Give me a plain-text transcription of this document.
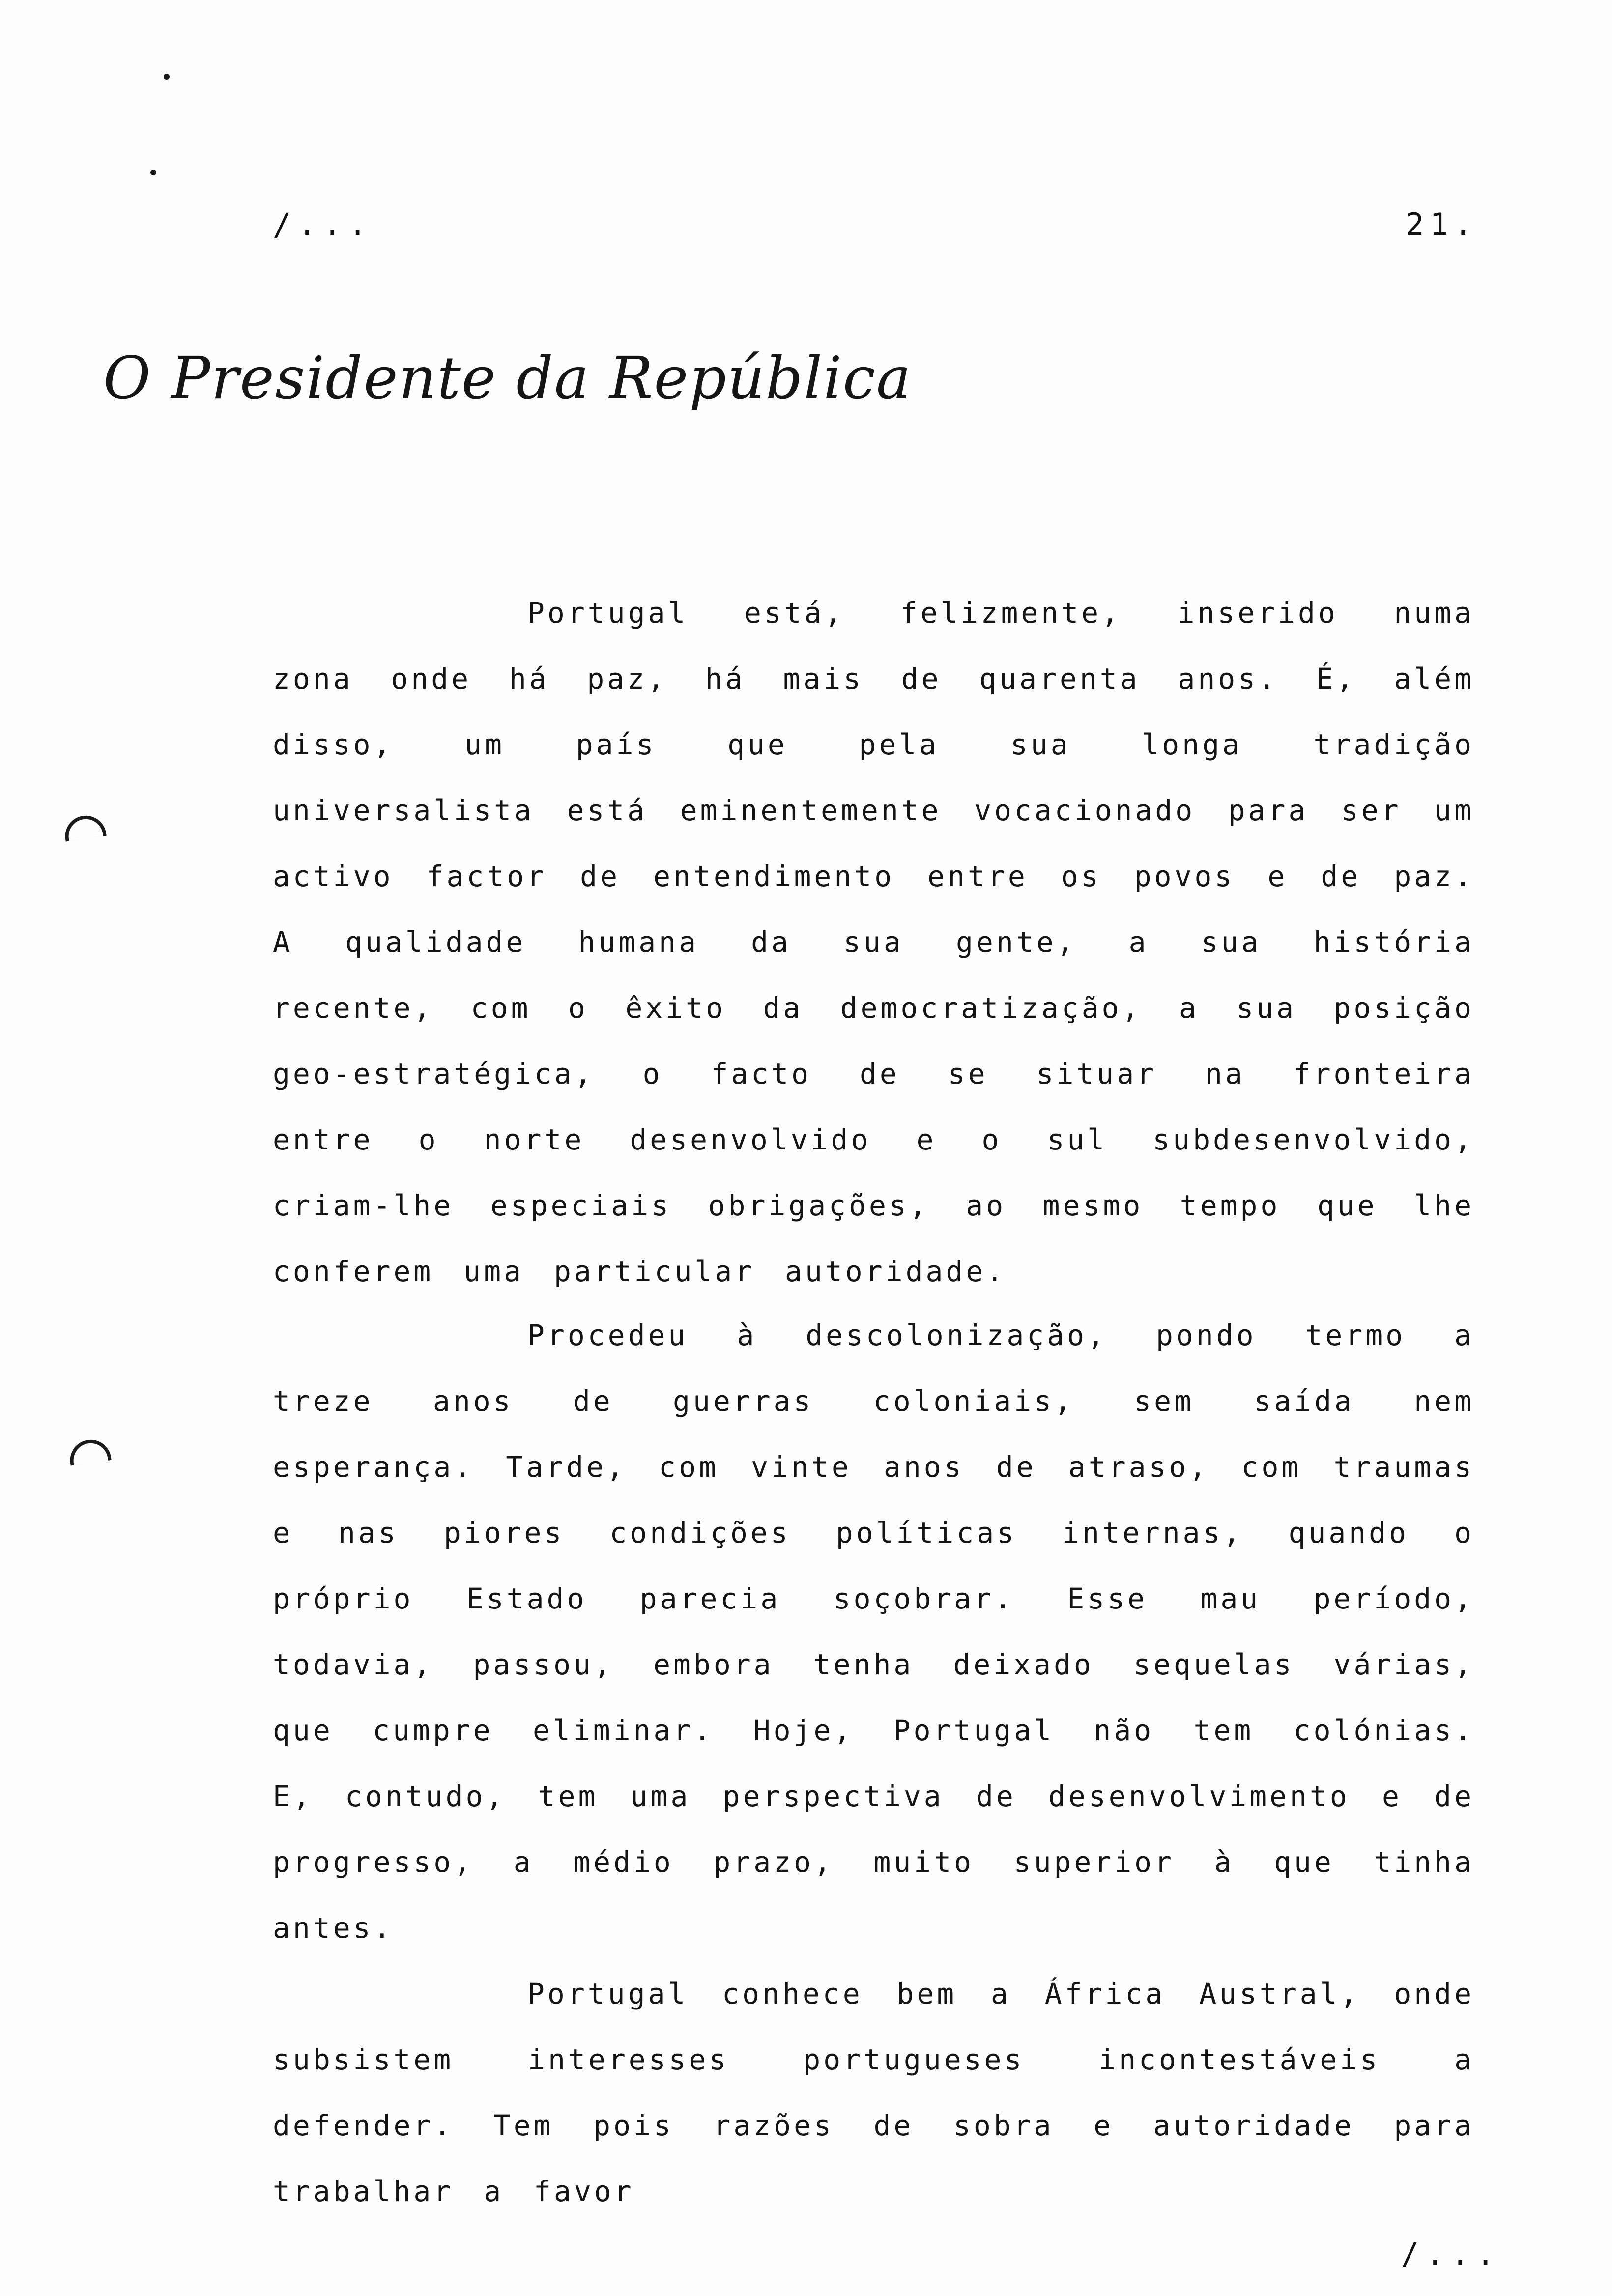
/...	21.
O Presidente da República

Portugal está, felizmente, inserido numa zona onde há paz, há mais de quarenta anos. É, além disso, um país que pela sua longa tradição universalista está eminentemente vocacionado para ser um activo factor de entendimento entre os povos e de paz. A qualidade humana da sua gente, a sua história recente, com o êxito da democratização, a sua posição geo-estratégica, o facto de se situar na fronteira entre o norte desenvolvido e o sul subdesenvolvido, criam-lhe especiais obrigações, ao mesmo tempo que lhe conferem uma particular autoridade.

Procedeu à descolonização, pondo termo a treze anos de guerras coloniais, sem saída nem esperança. Tarde, com vinte anos de atraso, com traumas e nas piores condições políticas internas, quando o próprio Estado parecia soçobrar. Esse mau período, todavia, passou, embora tenha deixado sequelas várias, que cumpre eliminar. Hoje, Portugal não tem colónias. E, contudo, tem uma perspectiva de desenvolvimento e de progresso, a médio prazo, muito superior à que tinha antes.

Portugal conhece bem a África Austral, onde subsistem interesses portugueses incontestáveis a defender. Tem pois razões de sobra e autoridade para trabalhar a favor

/...
